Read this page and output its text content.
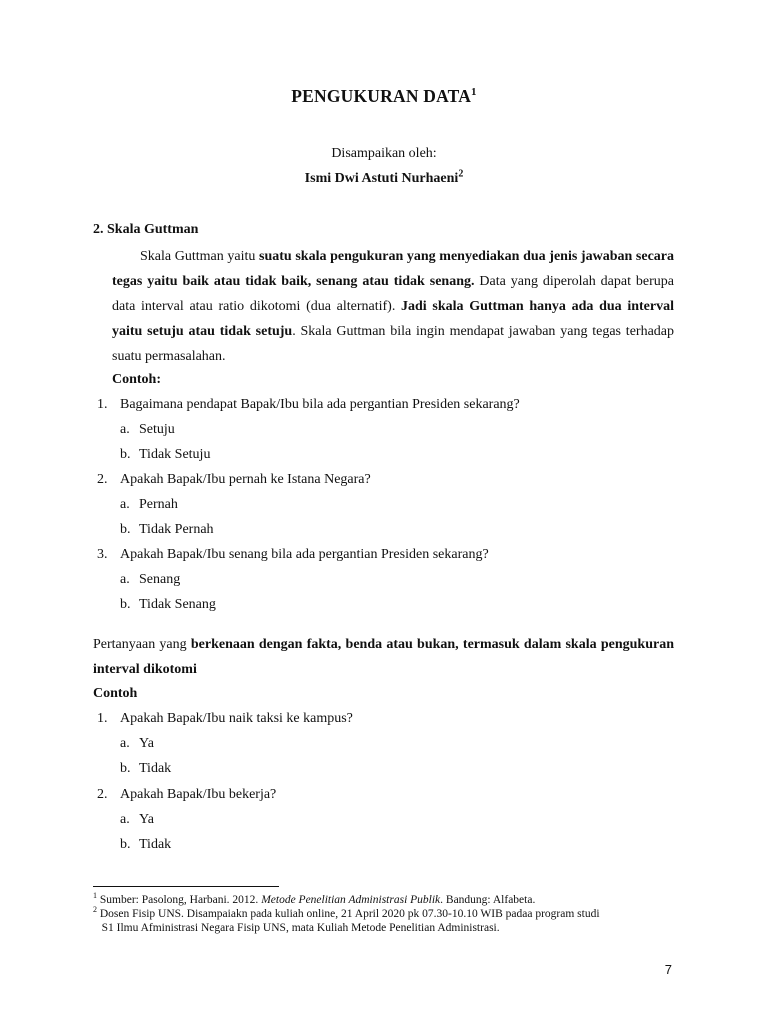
PENGUKURAN DATA$^1$
Disampaikan oleh:
Ismi Dwi Astuti Nurhaeni$^2$
2. Skala Guttman

Skala Guttman yaitu suatu skala pengukuran yang menyediakan dua jenis jawaban secara tegas yaitu baik atau tidak baik, senang atau tidak senang. Data yang diperolah dapat berupa data interval atau ratio dikotomi (dua alternatif). Jadi skala Guttman hanya ada dua interval yaitu setuju atau tidak setuju. Skala Guttman bila ingin mendapat jawaban yang tegas terhadap suatu permasalahan.

Contoh:
1. Bagaimana pendapat Bapak/Ibu bila ada pergantian Presiden sekarang?
a. Setuju
b. Tidak Setuju
2. Apakah Bapak/Ibu pernah ke Istana Negara?
a. Pernah
b. Tidak Pernah
3. Apakah Bapak/Ibu senang bila ada pergantian Presiden sekarang?
a. Senang
b. Tidak Senang

Pertanyaan yang berkenaan dengan fakta, benda atau bukan, termasuk dalam skala pengukuran interval dikotomi

Contoh
1. Apakah Bapak/Ibu naik taksi ke kampus?
a. Ya
b. Tidak
2. Apakah Bapak/Ibu bekerja?
a. Ya
b. Tidak
$^1$ Sumber: Pasolong, Harbani. 2012. Metode Penelitian Administrasi Publik. Bandung: Alfabeta.
$^2$ Dosen Fisip UNS. Disampaiakn pada kuliah online, 21 April 2020 pk 07.30-10.10 WIB padaa program studi
S1 Ilmu Afministrasi Negara Fisip UNS, mata Kuliah Metode Penelitian Administrasi.
7
